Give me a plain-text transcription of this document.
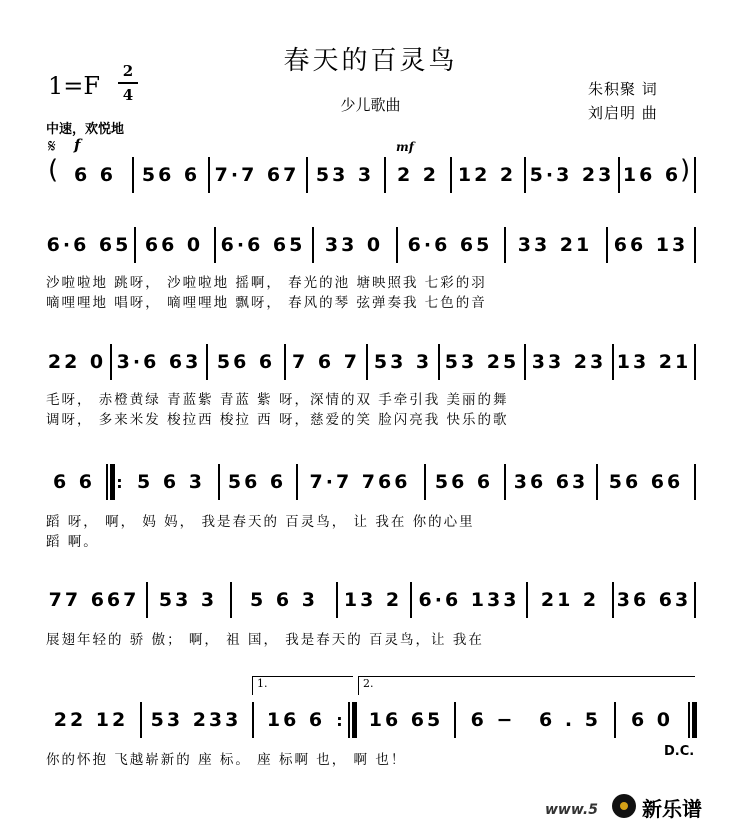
春天的百灵鸟
少儿歌曲
朱积聚 词
刘启明 曲
1=F
2
4
中速，欢悦地
𝄋 f	mf
( 6 6	56 6 7·7 67 53 3	2 2 12 2 5·3 23 16 6
)
6·6 65 66 0 6·6 65	33 0	6·6 65	33 21	66 13
沙啦啦地 跳呀， 沙啦啦地 摇啊， 春光的池 塘映照我 七彩的羽
嘀哩哩地 唱呀， 嘀哩哩地 飘呀， 春风的琴 弦弹奏我 七色的音
22 0 3·6 63 56 6 7 6 7 53 3 53 25 33 23 13 21
毛呀， 赤橙黄绿 青蓝紫 青蓝 紫 呀，深情的双 手牵引我 美丽的舞
调呀， 多来米发 梭拉西 梭拉 西 呀，慈爱的笑 脸闪亮我 快乐的歌
6 6	: 5 6 3	56 6	7·7 766	56 6	36 63	56 66
蹈 呀， 啊， 妈 妈， 我是春天的 百灵鸟， 让 我在 你的心里
蹈 啊。
77 667	53 3	5 6 3	13 2 6·6 133	21 2 36 63
展翅年轻的 骄 傲； 啊， 祖 国， 我是春天的 百灵鸟，让 我在
1.	2.
22 12	53 233	16 6 :	16 65	6 −	6 . 5	6 0
你的怀抱 飞越崭新的 座 标。 座 标啊 也， 啊 也！
D.C.
www.5 新乐谱
